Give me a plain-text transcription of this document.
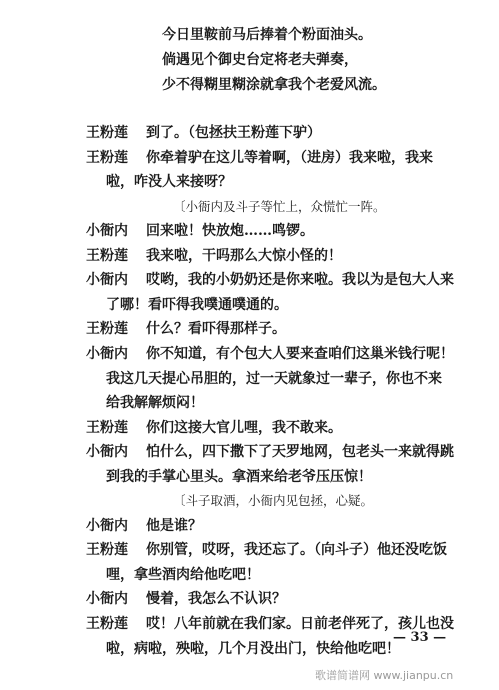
今日里鞍前马后捧着个粉面油头。
倘遇见个御史台定将老夫弹奏，
少不得糊里糊涂就拿我个老爱风流。
王粉莲 到了。（包拯扶王粉莲下驴）
王粉莲 你牵着驴在这儿等着啊，（进房）我来啦，我来
啦，咋没人来接呀？
〔小衙内及斗子等忙上，众慌忙一阵。
小衙内 回来啦！快放炮……鸣锣。
王粉莲 我来啦，干吗那么大惊小怪的！
小衙内 哎哟，我的小奶奶还是你来啦。我以为是包大人来
了哪！看吓得我噗通噗通的。
王粉莲 什么？看吓得那样子。
小衙内 你不知道，有个包大人要来查咱们这巢米钱行呢！
我这几天提心吊胆的，过一天就象过一辈子，你也不来
给我解解烦闷！
王粉莲 你们这接大官儿哩，我不敢来。
小衙内 怕什么，四下撒下了天罗地网，包老头一来就得跳
到我的手掌心里头。拿酒来给老爷压压惊！
〔斗子取酒，小衙内见包拯，心疑。
小衙内 他是谁？
王粉莲 你别管，哎呀，我还忘了。（向斗子）他还没吃饭
哩，拿些酒肉给他吃吧！
小衙内 慢着，我怎么不认识？
王粉莲 哎！八年前就在我们家。日前老伴死了，孩儿也没
啦，病啦，殃啦，几个月没出门，快给他吃吧！
— 33 —
歌谱简谱网 www.jianpu.cn
